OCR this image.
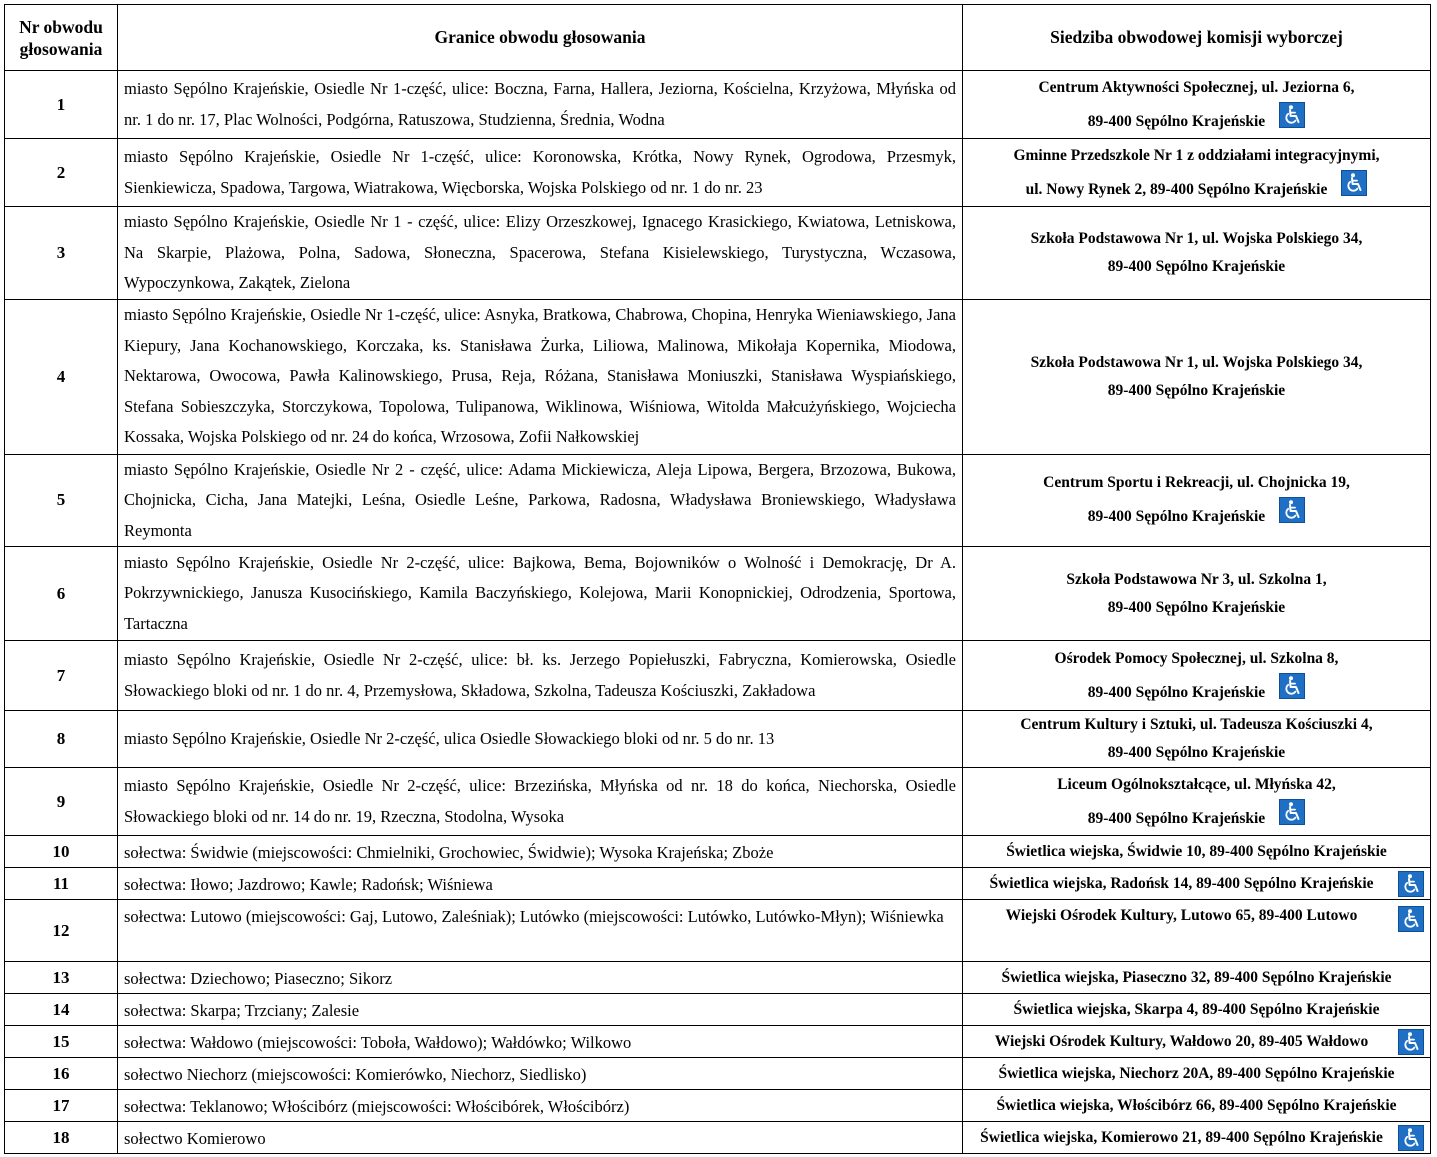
Nr obwodu głosowania	Granice obwodu głosowania	Siedziba obwodowej komisji wyborczej
1	miasto Sępólno Krajeńskie, Osiedle Nr 1-część, ulice: Boczna, Farna, Hallera, Jeziorna, Kościelna, Krzyżowa, Młyńska od nr. 1 do nr. 17, Plac Wolności, Podgórna, Ratuszowa, Studzienna, Średnia, Wodna	Centrum Aktywności Społecznej, ul. Jeziorna 6,
89-400 Sępólno Krajeńskie

2	miasto Sępólno Krajeńskie, Osiedle Nr 1-część, ulice: Koronowska, Krótka, Nowy Rynek, Ogrodowa, Przesmyk, Sienkiewicza, Spadowa, Targowa, Wiatrakowa, Więcborska, Wojska Polskiego od nr. 1 do nr. 23	Gminne Przedszkole Nr 1 z oddziałami integracyjnymi,
ul. Nowy Rynek 2, 89-400 Sępólno Krajeńskie

3	miasto Sępólno Krajeńskie, Osiedle Nr 1 - część, ulice: Elizy Orzeszkowej, Ignacego Krasickiego, Kwiatowa, Letniskowa, Na Skarpie, Plażowa, Polna, Sadowa, Słoneczna, Spacerowa, Stefana Kisielewskiego, Turystyczna, Wczasowa, Wypoczynkowa, Zakątek, Zielona	Szkoła Podstawowa Nr 1, ul. Wojska Polskiego 34,
89-400 Sępólno Krajeńskie

4	miasto Sępólno Krajeńskie, Osiedle Nr 1-część, ulice: Asnyka, Bratkowa, Chabrowa, Chopina, Henryka Wieniawskiego, Jana Kiepury, Jana Kochanowskiego, Korczaka, ks. Stanisława Żurka, Liliowa, Malinowa, Mikołaja Kopernika, Miodowa, Nektarowa, Owocowa, Pawła Kalinowskiego, Prusa, Reja, Różana, Stanisława Moniuszki, Stanisława Wyspiańskiego, Stefana Sobieszczyka, Storczykowa, Topolowa, Tulipanowa, Wiklinowa, Wiśniowa, Witolda Małcużyńskiego, Wojciecha Kossaka, Wojska Polskiego od nr. 24 do końca, Wrzosowa, Zofii Nałkowskiej	Szkoła Podstawowa Nr 1, ul. Wojska Polskiego 34,
89-400 Sępólno Krajeńskie

5	miasto Sępólno Krajeńskie, Osiedle Nr 2 - część, ulice: Adama Mickiewicza, Aleja Lipowa, Bergera, Brzozowa, Bukowa, Chojnicka, Cicha, Jana Matejki, Leśna, Osiedle Leśne, Parkowa, Radosna, Władysława Broniewskiego, Władysława Reymonta	Centrum Sportu i Rekreacji, ul. Chojnicka 19,
89-400 Sępólno Krajeńskie

6	miasto Sępólno Krajeńskie, Osiedle Nr 2-część, ulice: Bajkowa, Bema, Bojowników o Wolność i Demokrację, Dr A. Pokrzywnickiego, Janusza Kusocińskiego, Kamila Baczyńskiego, Kolejowa, Marii Konopnickiej, Odrodzenia, Sportowa, Tartaczna	Szkoła Podstawowa Nr 3, ul. Szkolna 1,
89-400 Sępólno Krajeńskie

7	miasto Sępólno Krajeńskie, Osiedle Nr 2-część, ulice: bł. ks. Jerzego Popiełuszki, Fabryczna, Komierowska, Osiedle Słowackiego bloki od nr. 1 do nr. 4, Przemysłowa, Składowa, Szkolna, Tadeusza Kościuszki, Zakładowa	Ośrodek Pomocy Społecznej, ul. Szkolna 8,
89-400 Sępólno Krajeńskie

8	miasto Sępólno Krajeńskie, Osiedle Nr 2-część, ulica Osiedle Słowackiego bloki od nr. 5 do nr. 13	Centrum Kultury i Sztuki, ul. Tadeusza Kościuszki 4,
89-400 Sępólno Krajeńskie

9	miasto Sępólno Krajeńskie, Osiedle Nr 2-część, ulice: Brzezińska, Młyńska od nr. 18 do końca, Niechorska, Osiedle Słowackiego bloki od nr. 14 do nr. 19, Rzeczna, Stodolna, Wysoka	Liceum Ogólnokształcące, ul. Młyńska 42,
89-400 Sępólno Krajeńskie

10	sołectwa: Świdwie (miejscowości: Chmielniki, Grochowiec, Świdwie); Wysoka Krajeńska; Zboże	Świetlica wiejska, Świdwie 10, 89-400 Sępólno Krajeńskie

11	sołectwa: Iłowo; Jazdrowo; Kawle; Radońsk; Wiśniewa	Świetlica wiejska, Radońsk 14, 89-400 Sępólno Krajeńskie

12	sołectwa: Lutowo (miejscowości: Gaj, Lutowo, Zaleśniak); Lutówko (miejscowości: Lutówko, Lutówko-Młyn); Wiśniewka	Wiejski Ośrodek Kultury, Lutowo 65, 89-400 Lutowo

13	sołectwa: Dziechowo; Piaseczno; Sikorz	Świetlica wiejska, Piaseczno 32, 89-400 Sępólno Krajeńskie

14	sołectwa: Skarpa; Trzciany; Zalesie	Świetlica wiejska, Skarpa 4, 89-400 Sępólno Krajeńskie

15	sołectwa: Wałdowo (miejscowości: Toboła, Wałdowo); Wałdówko; Wilkowo	Wiejski Ośrodek Kultury, Wałdowo 20, 89-405 Wałdowo

16	sołectwo Niechorz (miejscowości: Komierówko, Niechorz, Siedlisko)	Świetlica wiejska, Niechorz 20A, 89-400 Sępólno Krajeńskie

17	sołectwa: Teklanowo; Włościbórz (miejscowości: Włościbórek, Włościbórz)	Świetlica wiejska, Włościbórz 66, 89-400 Sępólno Krajeńskie

18	sołectwo Komierowo	Świetlica wiejska, Komierowo 21, 89-400 Sępólno Krajeńskie
